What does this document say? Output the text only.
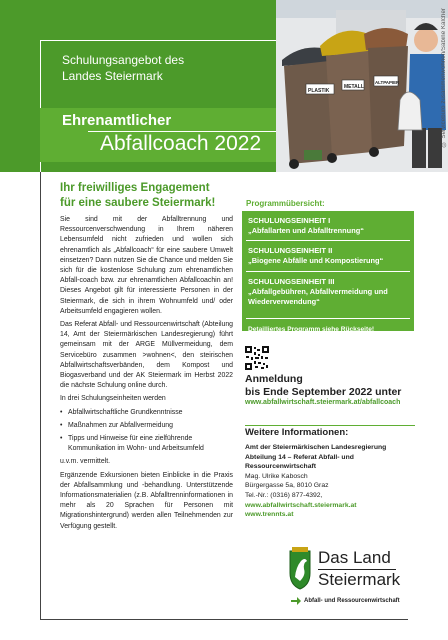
PLASTIK
METALL
ALTPAPIER	© Servicebüro zusammenwohnen/Sabine Kalcher
Schulungsangebot des
Landes Steiermark
Ehrenamtlicher
Abfallcoach 2022
Ihr freiwilliges Engagement
für eine saubere Steiermark!

Sie sind mit der Abfalltrennung und Ressourcenverschwendung in Ihrem näheren Lebensumfeld nicht zufrieden und wollen sich ehrenamtlich als „Abfallcoach“ für eine saubere Umwelt einsetzen? Dann nutzen Sie die Chance und melden Sie sich für die kostenlose Schulung zum ehrenamtlichen Abfall-coach bzw. zur ehrenamtlichen Abfallcoachin an! Dieses Angebot gilt für interessierte Personen in der Steiermark, die sich in ihrem Wohnumfeld und/ oder Arbeitsumfeld engagieren wollen.

Das Referat Abfall- und Ressourcenwirtschaft (Abteilung 14, Amt der Steiermärkischen Landesregierung) führt gemeinsam mit der ARGE Müllvermeidung, dem Servicebüro zusammen >wohnen<, den steirischen Abfallwirtschaftsverbänden, dem Kompost und Biogasverband und der AK Steiermark im Herbst 2022 die nächste Schulung online durch.

In drei Schulungseinheiten werden

• Abfallwirtschaftliche Grundkenntnisse
• Maßnahmen zur Abfallvermeidung
• Tipps und Hinweise für eine zielführende Kommunikation im Wohn- und Arbeitsumfeld

u.v.m. vermittelt.

Ergänzende Exkursionen bieten Einblicke in die Praxis der Abfallsammlung und -behandlung. Unterstützende Informationsmaterialien (z.B. Abfalltrenninformationen in mehr als 20 Sprachen für Personen mit Migrationshintergrund) werden allen Teilnehmenden zur Verfügung gestellt.

Programmübersicht:
SCHULUNGSEINHEIT I
„Abfallarten und Abfalltrennung“
SCHULUNGSEINHEIT II
„Biogene Abfälle und Kompostierung“
SCHULUNGSEINHEIT III
„Abfallgebühren, Abfallvermeidung und Wiederverwendung“
Detailliertes Programm siehe Rückseite!
Anmeldung
bis Ende September 2022 unter
www.abfallwirtschaft.steiermark.at/abfallcoach
Weitere Informationen:
Amt der Steiermärkischen Landesregierung
Abteilung 14 – Referat Abfall- und
Ressourcenwirtschaft
Mag. Ulrike Kabosch
Bürgergasse 5a, 8010 Graz
Tel.-Nr.: (0316) 877-4392,
www.abfallwirtschaft.steiermark.at
www.trennts.at
Das Land
Steiermark
Abfall- und Ressourcenwirtschaft
